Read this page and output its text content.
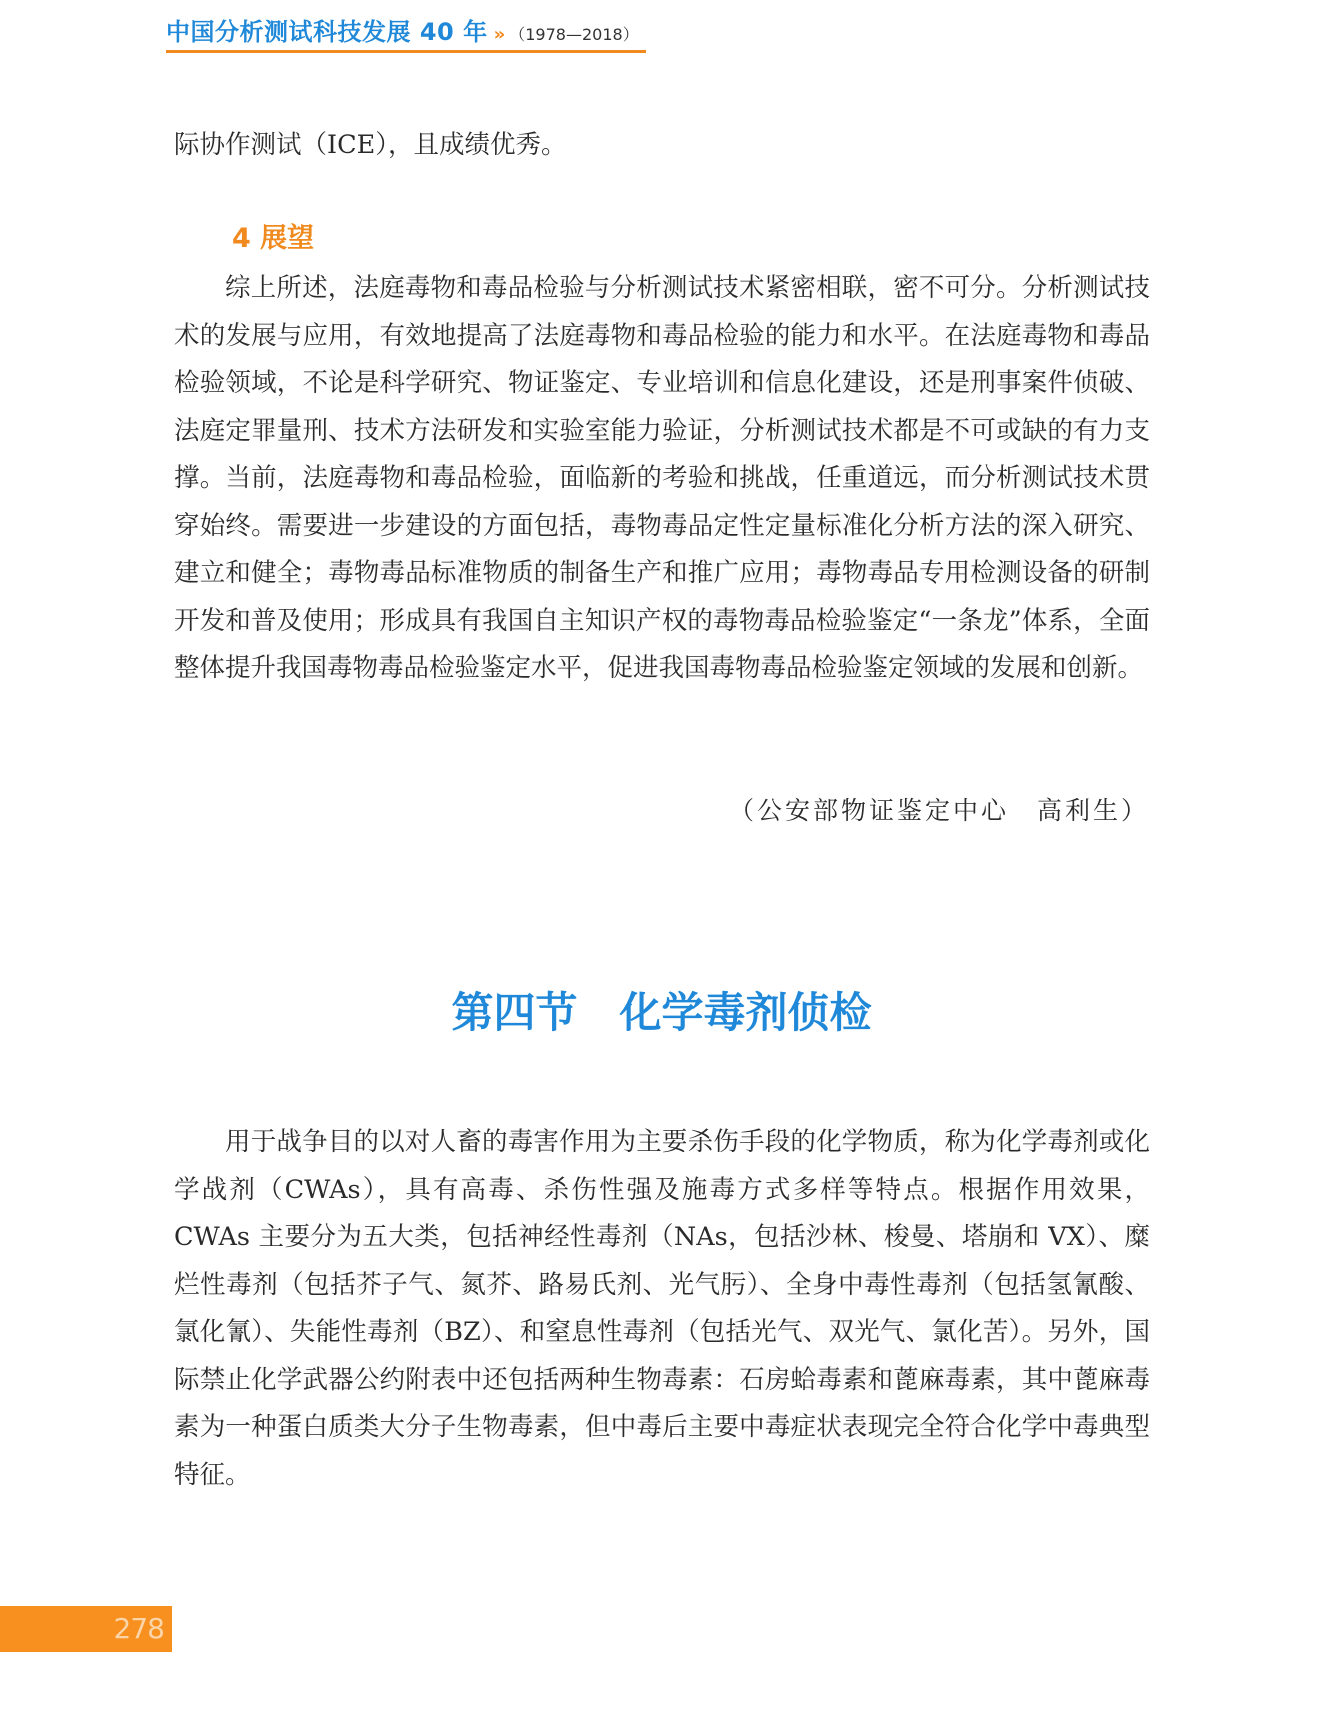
中国分析测试科技发展 40 年 » （1978—2018）

际协作测试（ICE），且成绩优秀。

4 展望

综上所述，法庭毒物和毒品检验与分析测试技术紧密相联，密不可分。分析测试技术的发展与应用，有效地提高了法庭毒物和毒品检验的能力和水平。在法庭毒物和毒品检验领域，不论是科学研究、物证鉴定、专业培训和信息化建设，还是刑事案件侦破、法庭定罪量刑、技术方法研发和实验室能力验证，分析测试技术都是不可或缺的有力支撑。当前，法庭毒物和毒品检验，面临新的考验和挑战，任重道远，而分析测试技术贯穿始终。需要进一步建设的方面包括，毒物毒品定性定量标准化分析方法的深入研究、建立和健全；毒物毒品标准物质的制备生产和推广应用；毒物毒品专用检测设备的研制开发和普及使用；形成具有我国自主知识产权的毒物毒品检验鉴定“一条龙”体系，全面整体提升我国毒物毒品检验鉴定水平，促进我国毒物毒品检验鉴定领域的发展和创新。

（公安部物证鉴定中心　高利生）

第四节　化学毒剂侦检

用于战争目的以对人畜的毒害作用为主要杀伤手段的化学物质，称为化学毒剂或化学战剂（CWAs），具有高毒、杀伤性强及施毒方式多样等特点。根据作用效果，CWAs 主要分为五大类，包括神经性毒剂（NAs，包括沙林、梭曼、塔崩和 VX）、糜烂性毒剂（包括芥子气、氮芥、路易氏剂、光气肟）、全身中毒性毒剂（包括氢氰酸、氯化氰）、失能性毒剂（BZ）、和窒息性毒剂（包括光气、双光气、氯化苦）。另外，国际禁止化学武器公约附表中还包括两种生物毒素：石房蛤毒素和蓖麻毒素，其中蓖麻毒素为一种蛋白质类大分子生物毒素，但中毒后主要中毒症状表现完全符合化学中毒典型特征。

278
